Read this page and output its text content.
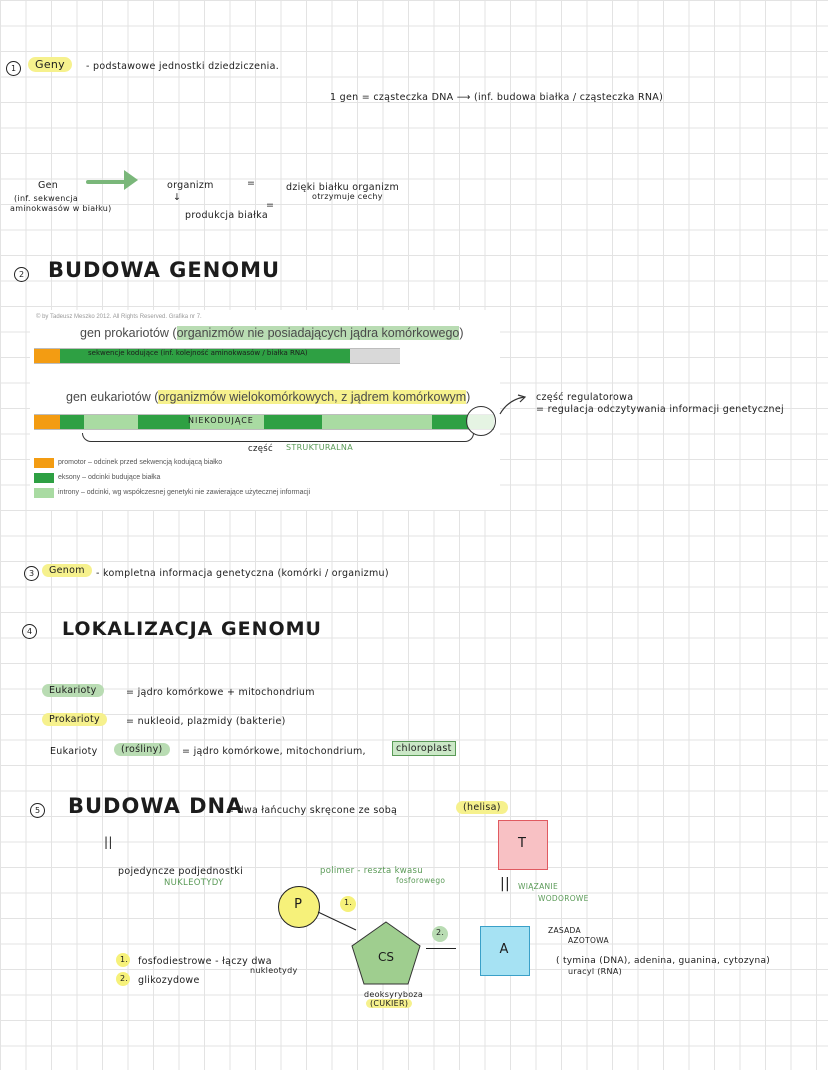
1	Geny	- podstawowe jednostki dziedziczenia.
1 gen = cząsteczka DNA ⟶ (inf. budowa białka / cząsteczka RNA)
Gen
(inf. sekwencja
aminokwasów w białku)
organizm
↓
=	dzięki białku organizm
otrzymuje cechy
produkcja białka
=
2 BUDOWA GENOMU
© by Tadeusz Meszko 2012. All Rights Reserved. Grafika nr 7.
gen prokariotów (organizmów nie posiadających jądra komórkowego)
sekwencje kodujące (inf. kolejność aminokwasów / białka RNA)
gen eukariotów (organizmów wielokomórkowych, z jądrem komórkowym)
NIEKODUJĄCE
część STRUKTURALNA
promotor – odcinek przed sekwencją kodującą białko
eksony – odcinki budujące białka
introny – odcinki, wg współczesnej genetyki nie zawierające użytecznej informacji
część regulatorowa
= regulacja odczytywania informacji genetycznej
3	Genom	- kompletna informacja genetyczna (komórki / organizmu)
4 LOKALIZACJA GENOMU
Eukarioty	= jądro komórkowe + mitochondrium
Prokarioty	= nukleoid, plazmidy (bakterie)
Eukarioty	(rośliny)	= jądro komórkowe, mitochondrium,	chloroplast
5 BUDOWA DNA
= dwa łańcuchy skręcone ze sobą	(helisa)
||
pojedyncze podjednostki
NUKLEOTYDY
polimer - reszta kwasu
fosforowego
T
|| WIĄZANIE
WODOROWE
P	1.
CS
2.
A
ZASADA
AZOTOWA
( tymina (DNA), adenina, guanina, cytozyna)
uracyl (RNA)
deoksyryboza
(CUKIER)
1. fosfodiestrowe - łączy dwa
nukleotydy
2. glikozydowe
